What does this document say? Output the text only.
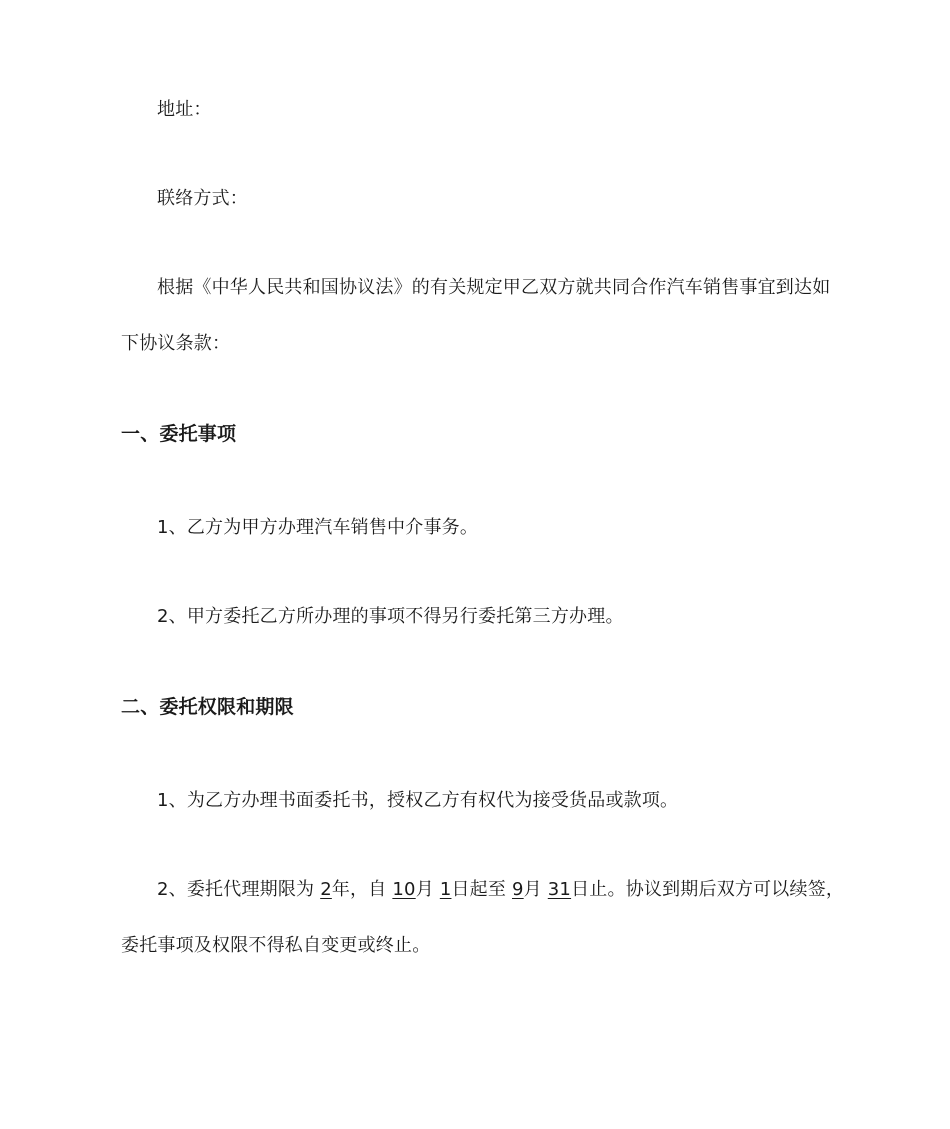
地址：
联络方式：
根据《中华人民共和国协议法》的有关规定甲乙双方就共同合作汽车销售事宜到达如
下协议条款：
一、委托事项
1、乙方为甲方办理汽车销售中介事务。
2、甲方委托乙方所办理的事项不得另行委托第三方办理。
二、委托权限和期限
1、为乙方办理书面委托书，授权乙方有权代为接受货品或款项。
2、委托代理期限为 2年，自 10月 1日起至 9月 31日止。协议到期后双方可以续签，
委托事项及权限不得私自变更或终止。
